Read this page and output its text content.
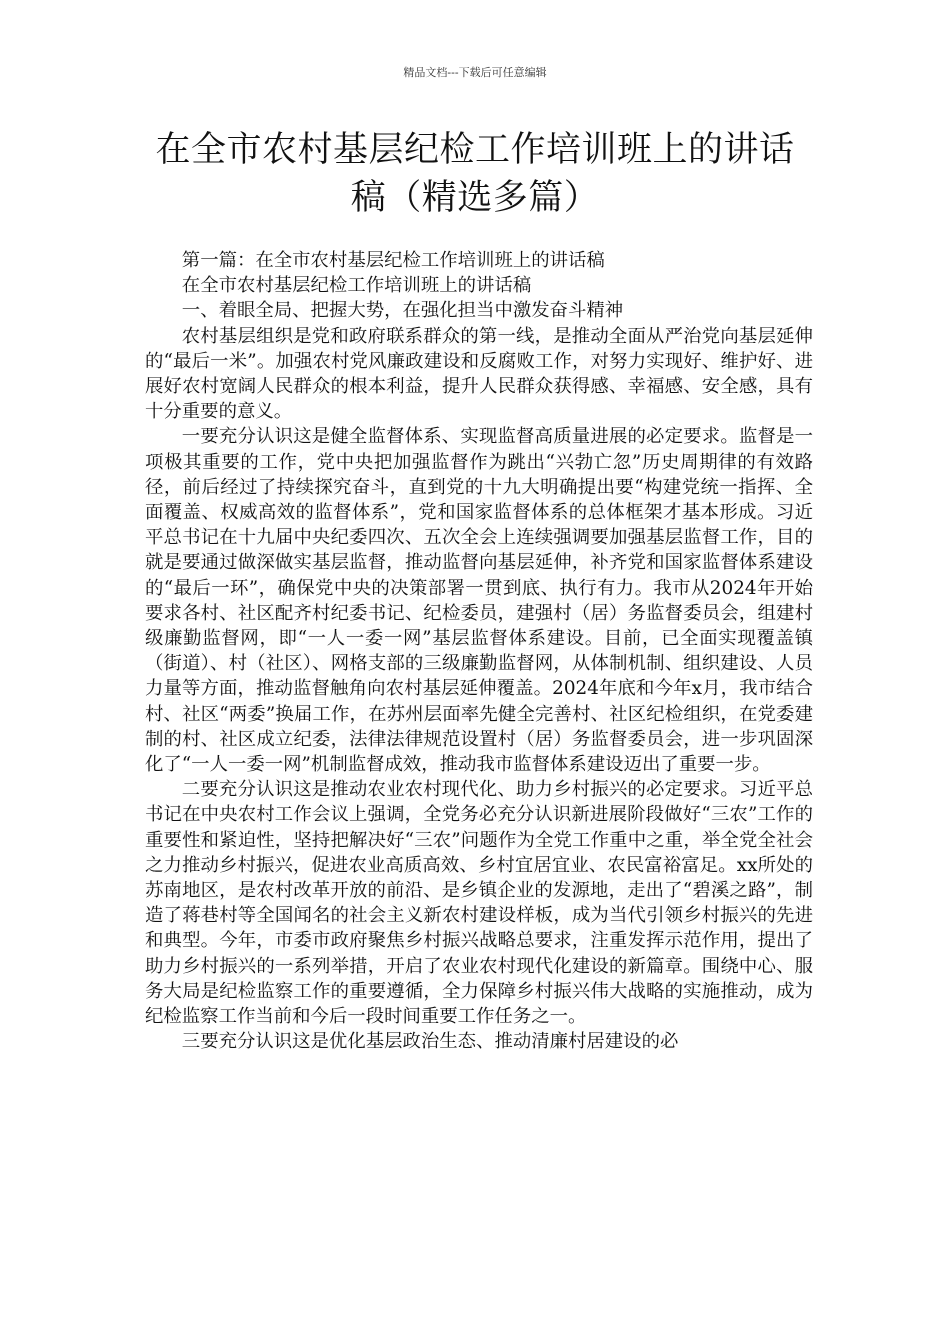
精品文档---下载后可任意编辑
在全市农村基层纪检工作培训班上的讲话稿（精选多篇）

第一篇：在全市农村基层纪检工作培训班上的讲话稿

在全市农村基层纪检工作培训班上的讲话稿

一、着眼全局、把握大势，在强化担当中激发奋斗精神

农村基层组织是党和政府联系群众的第一线，是推动全面从严治党向基层延伸的“最后一米”。加强农村党风廉政建设和反腐败工作，对努力实现好、维护好、进展好农村宽阔人民群众的根本利益，提升人民群众获得感、幸福感、安全感，具有十分重要的意义。

一要充分认识这是健全监督体系、实现监督高质量进展的必定要求。监督是一项极其重要的工作，党中央把加强监督作为跳出“兴勃亡忽”历史周期律的有效路径，前后经过了持续探究奋斗，直到党的十九大明确提出要“构建党统一指挥、全面覆盖、权威高效的监督体系”，党和国家监督体系的总体框架才基本形成。习近平总书记在十九届中央纪委四次、五次全会上连续强调要加强基层监督工作，目的就是要通过做深做实基层监督，推动监督向基层延伸，补齐党和国家监督体系建设的“最后一环”，确保党中央的决策部署一贯到底、执行有力。我市从2024年开始要求各村、社区配齐村纪委书记、纪检委员，建强村（居）务监督委员会，组建村级廉勤监督网，即“一人一委一网”基层监督体系建设。目前，已全面实现覆盖镇（街道）、村（社区）、网格支部的三级廉勤监督网，从体制机制、组织建设、人员力量等方面，推动监督触角向农村基层延伸覆盖。2024年底和今年x月，我市结合村、社区“两委”换届工作，在苏州层面率先健全完善村、社区纪检组织，在党委建制的村、社区成立纪委，法律法律规范设置村（居）务监督委员会，进一步巩固深化了“一人一委一网”机制监督成效，推动我市监督体系建设迈出了重要一步。

二要充分认识这是推动农业农村现代化、助力乡村振兴的必定要求。习近平总书记在中央农村工作会议上强调，全党务必充分认识新进展阶段做好“三农”工作的重要性和紧迫性，坚持把解决好“三农”问题作为全党工作重中之重，举全党全社会之力推动乡村振兴，促进农业高质高效、乡村宜居宜业、农民富裕富足。xx所处的苏南地区，是农村改革开放的前沿、是乡镇企业的发源地，走出了“碧溪之路”，制造了蒋巷村等全国闻名的社会主义新农村建设样板，成为当代引领乡村振兴的先进和典型。今年，市委市政府聚焦乡村振兴战略总要求，注重发挥示范作用，提出了助力乡村振兴的一系列举措，开启了农业农村现代化建设的新篇章。围绕中心、服务大局是纪检监察工作的重要遵循，全力保障乡村振兴伟大战略的实施推动，成为纪检监察工作当前和今后一段时间重要工作任务之一。

三要充分认识这是优化基层政治生态、推动清廉村居建设的必
